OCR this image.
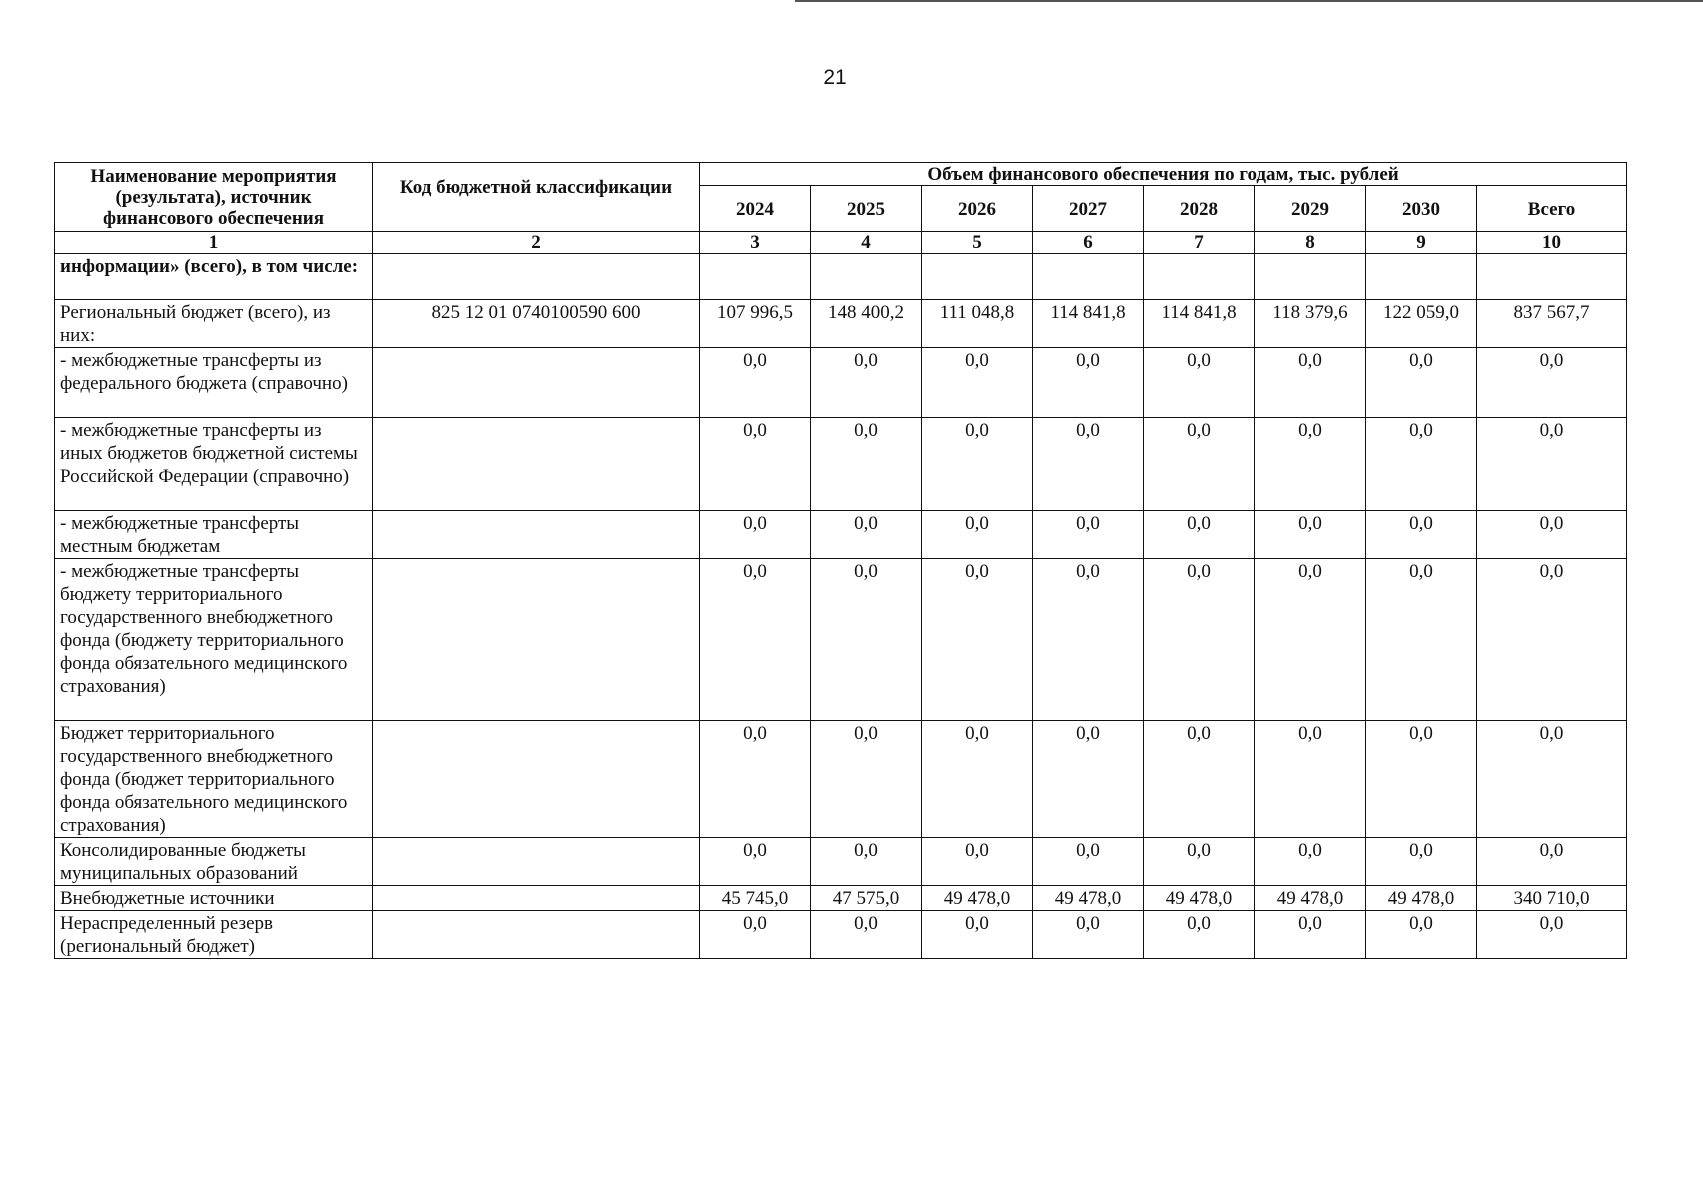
21
Наименование мероприятия (результата), источник финансового обеспечения	Код бюджетной классификации	Объем финансового обеспечения по годам, тыс. рублей							
		2024	2025	2026	2027	2028	2029	2030	Всего
1	2	3	4	5	6	7	8	9	10
информации» (всего), в том числе:									
Региональный бюджет (всего), из них:	825 12 01 0740100590 600	107 996,5	148 400,2	111 048,8	114 841,8	114 841,8	118 379,6	122 059,0	837 567,7
- межбюджетные трансферты из федерального бюджета (справочно)		0,0	0,0	0,0	0,0	0,0	0,0	0,0	0,0
- межбюджетные трансферты из иных бюджетов бюджетной системы Российской Федерации (справочно)		0,0	0,0	0,0	0,0	0,0	0,0	0,0	0,0
- межбюджетные трансферты местным бюджетам		0,0	0,0	0,0	0,0	0,0	0,0	0,0	0,0
- межбюджетные трансферты бюджету территориального государственного внебюджетного фонда (бюджету территориального фонда обязательного медицинского страхования)		0,0	0,0	0,0	0,0	0,0	0,0	0,0	0,0
Бюджет территориального государственного внебюджетного фонда (бюджет территориального фонда обязательного медицинского страхования)		0,0	0,0	0,0	0,0	0,0	0,0	0,0	0,0
Консолидированные бюджеты муниципальных образований		0,0	0,0	0,0	0,0	0,0	0,0	0,0	0,0
Внебюджетные источники		45 745,0	47 575,0	49 478,0	49 478,0	49 478,0	49 478,0	49 478,0	340 710,0
Нераспределенный резерв (региональный бюджет)		0,0	0,0	0,0	0,0	0,0	0,0	0,0	0,0
